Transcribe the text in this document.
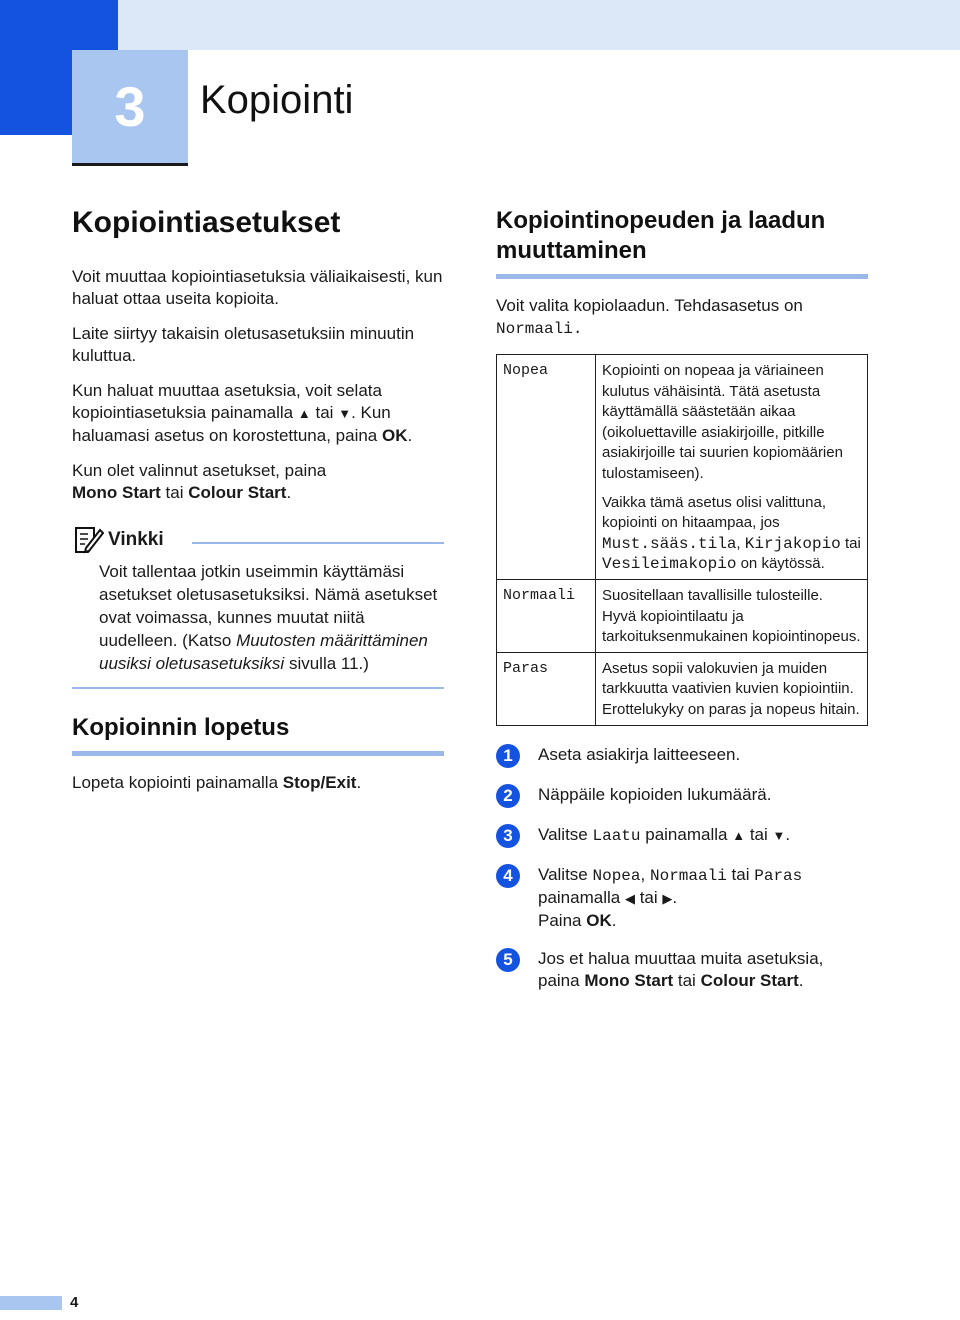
3	Kopiointi
Kopiointiasetukset

Voit muuttaa kopiointiasetuksia väliaikaisesti, kun haluat ottaa useita kopioita.

Laite siirtyy takaisin oletusasetuksiin minuutin kuluttua.

Kun haluat muuttaa asetuksia, voit selata kopiointiasetuksia painamalla ▲ tai ▼. Kun haluamasi asetus on korostettuna, paina OK.

Kun olet valinnut asetukset, paina
Mono Start tai Colour Start.

Vinkki
Voit tallentaa jotkin useimmin käyttämäsi asetukset oletusasetuksiksi. Nämä asetukset ovat voimassa, kunnes muutat niitä uudelleen. (Katso Muutosten määrittäminen uusiksi oletusasetuksiksi sivulla 11.)
Kopioinnin lopetus

Lopeta kopiointi painamalla Stop/Exit.

Kopiointinopeuden ja laadun muuttaminen

Voit valita kopiolaadun. Tehdasasetus on
Normaali.

Nopea	Kopiointi on nopeaa ja väriaineen kulutus vähäisintä. Tätä asetusta käyttämällä säästetään aikaa (oikoluettaville asiakirjoille, pitkille asiakirjoille tai suurien kopiomäärien tulostamiseen).
Vaikka tämä asetus olisi valittuna, kopiointi on hitaampaa, jos Must.sääs.tila, Kirjakopio tai Vesileimakopio on käytössä.

Normaali	Suositellaan tavallisille tulosteille. Hyvä kopiointilaatu ja tarkoituksenmukainen kopiointinopeus.
Paras	Asetus sopii valokuvien ja muiden tarkkuutta vaativien kuvien kopiointiin. Erottelukyky on paras ja nopeus hitain.
1	Aseta asiakirja laitteeseen.
2	Näppäile kopioiden lukumäärä.
3	Valitse Laatu painamalla ▲ tai ▼.
4	Valitse Nopea, Normaali tai Paras
painamalla ◀ tai ▶.
Paina OK.
5	Jos et halua muuttaa muita asetuksia, paina Mono Start tai Colour Start.
4
